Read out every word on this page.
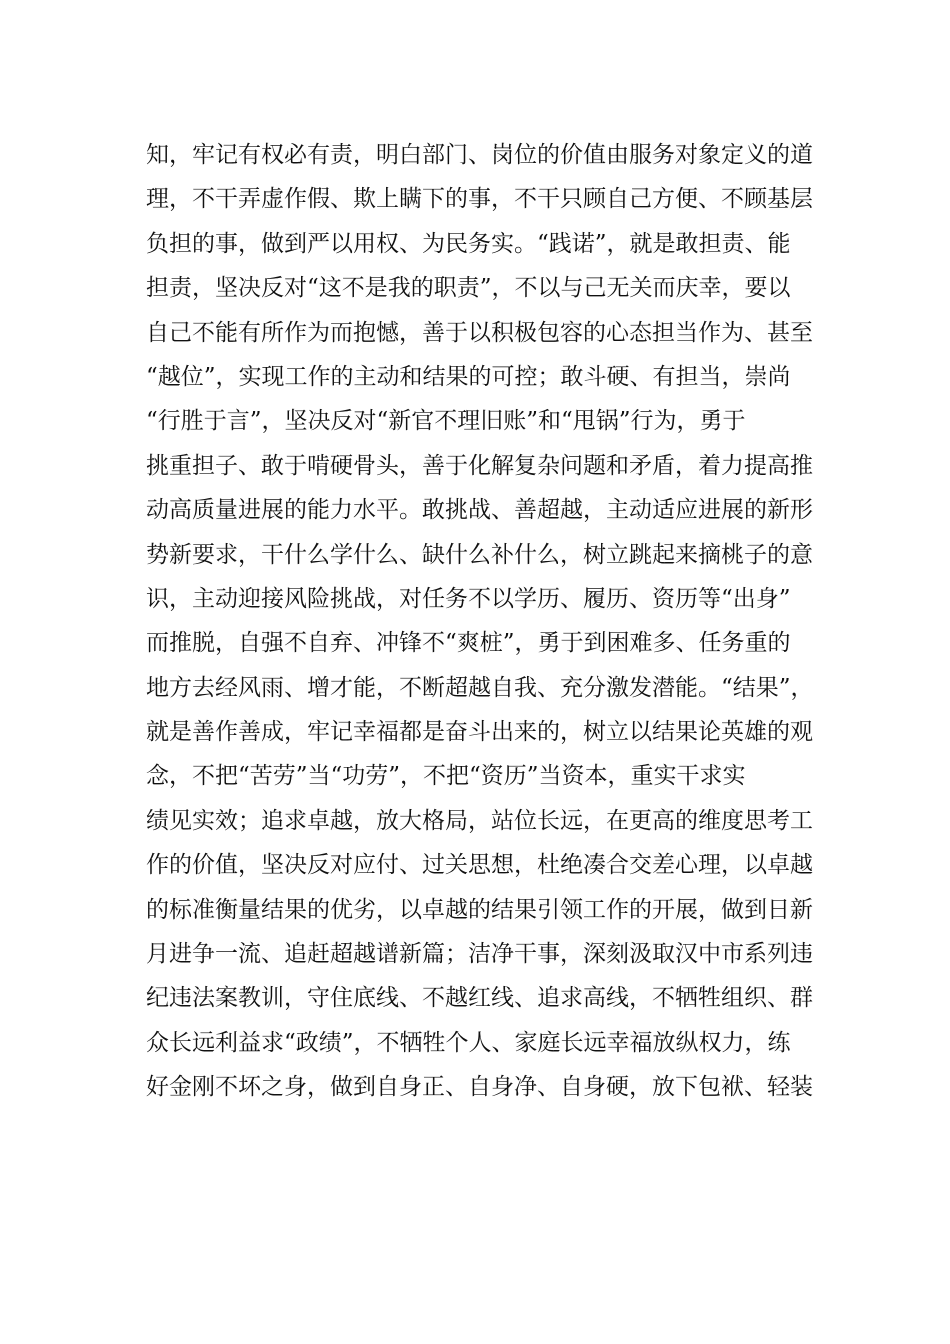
知，牢记有权必有责，明白部门、岗位的价值由服务对象定义的道
理，不干弄虚作假、欺上瞒下的事，不干只顾自己方便、不顾基层
负担的事，做到严以用权、为民务实。“践诺”，就是敢担责、能
担责，坚决反对“这不是我的职责”，不以与己无关而庆幸，要以
自己不能有所作为而抱憾，善于以积极包容的心态担当作为、甚至
“越位”，实现工作的主动和结果的可控；敢斗硬、有担当，崇尚
“行胜于言”，坚决反对“新官不理旧账”和“甩锅”行为，勇于
挑重担子、敢于啃硬骨头，善于化解复杂问题和矛盾，着力提高推
动高质量进展的能力水平。敢挑战、善超越，主动适应进展的新形
势新要求，干什么学什么、缺什么补什么，树立跳起来摘桃子的意
识，主动迎接风险挑战，对任务不以学历、履历、资历等“出身”
而推脱，自强不自弃、冲锋不“爽桩”，勇于到困难多、任务重的
地方去经风雨、增才能，不断超越自我、充分激发潜能。“结果”，
就是善作善成，牢记幸福都是奋斗出来的，树立以结果论英雄的观
念，不把“苦劳”当“功劳”，不把“资历”当资本，重实干求实
绩见实效；追求卓越，放大格局，站位长远，在更高的维度思考工
作的价值，坚决反对应付、过关思想，杜绝凑合交差心理，以卓越
的标准衡量结果的优劣，以卓越的结果引领工作的开展，做到日新
月进争一流、追赶超越谱新篇；洁净干事，深刻汲取汉中市系列违
纪违法案教训，守住底线、不越红线、追求高线，不牺牲组织、群
众长远利益求“政绩”，不牺牲个人、家庭长远幸福放纵权力，练
好金刚不坏之身，做到自身正、自身净、自身硬，放下包袱、轻装
